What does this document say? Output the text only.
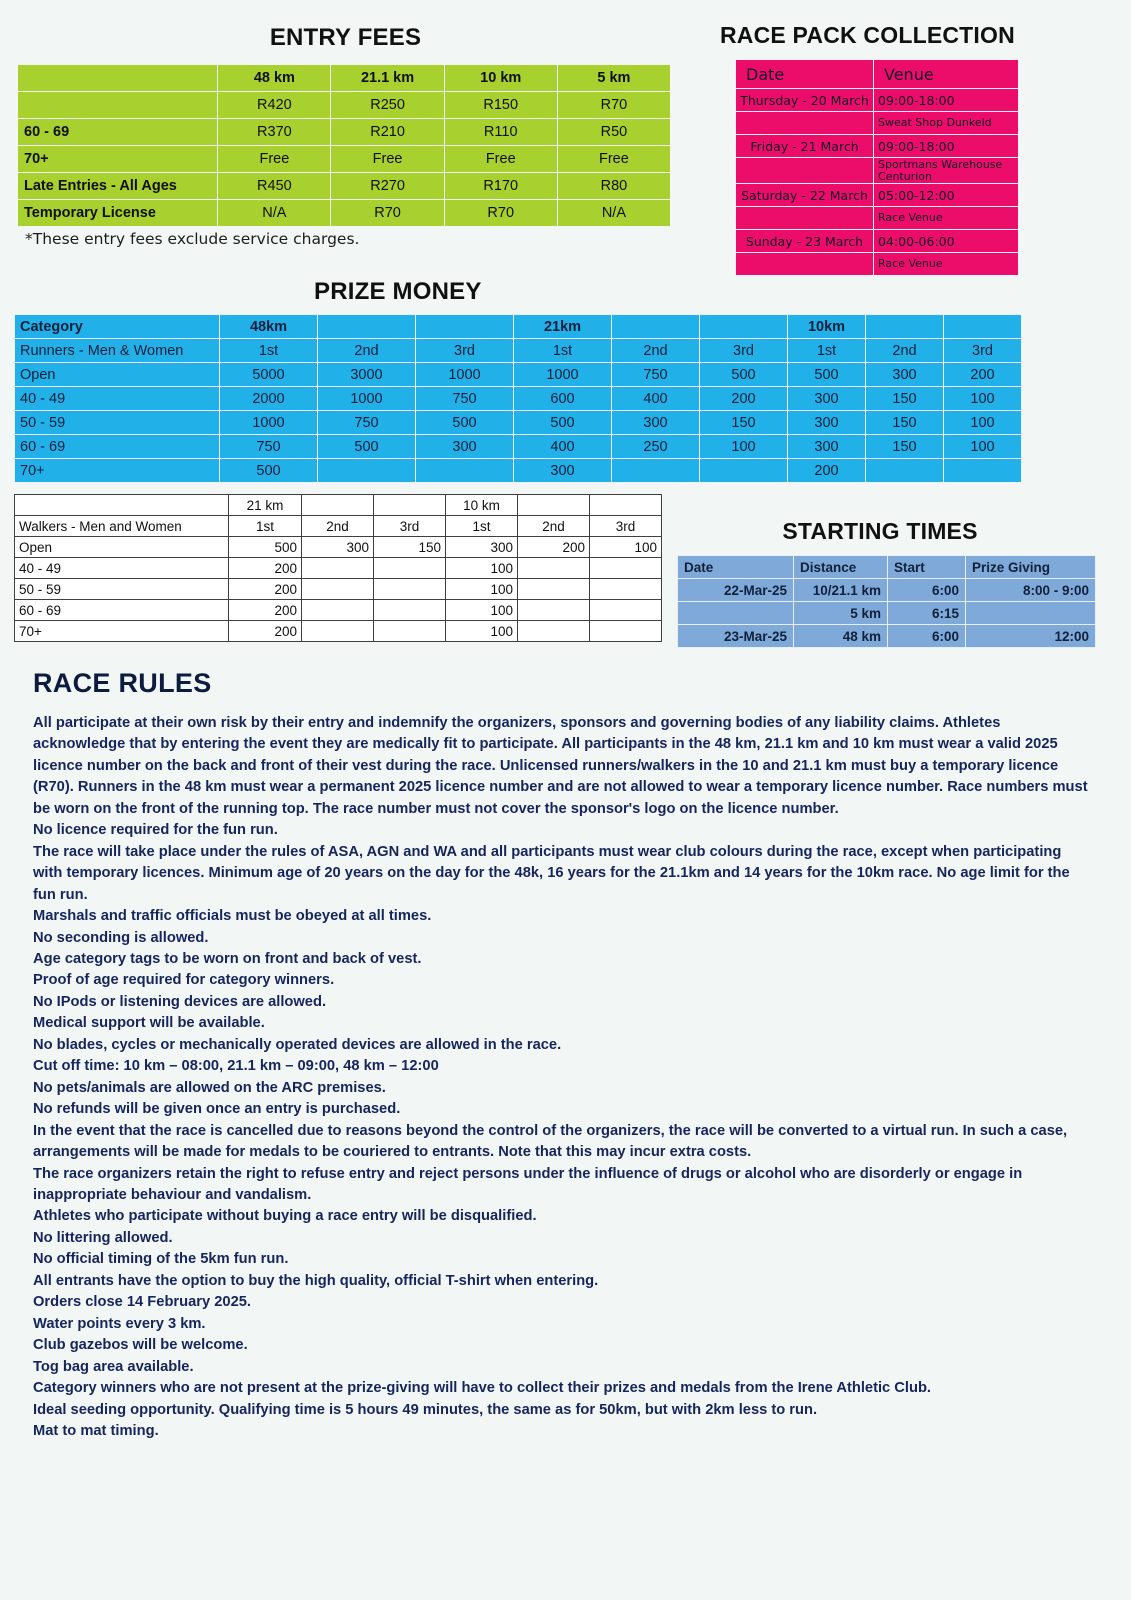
ENTRY FEES
	48 km	21.1 km	10 km	5 km
	R420	R250	R150	R70
60 - 69	R370	R210	R110	R50
70+	Free	Free	Free	Free
Late Entries - All Ages	R450	R270	R170	R80
Temporary License	N/A	R70	R70	N/A
*These entry fees exclude service charges.
RACE PACK COLLECTION
Date	Venue
Thursday - 20 March	09:00-18:00
	Sweat Shop Dunkeld
Friday - 21 March	09:00-18:00
	Sportmans Warehouse Centurion
Saturday - 22 March	05:00-12:00
	Race Venue
Sunday - 23 March	04:00-06:00
	Race Venue
PRIZE MONEY
Category	48km			21km			10km		
Runners - Men & Women	1st	2nd	3rd	1st	2nd	3rd	1st	2nd	3rd
Open	5000	3000	1000	1000	750	500	500	300	200
40 - 49	2000	1000	750	600	400	200	300	150	100
50 - 59	1000	750	500	500	300	150	300	150	100
60 - 69	750	500	300	400	250	100	300	150	100
70+	500			300			200		
	21 km			10 km		
Walkers - Men and Women	1st	2nd	3rd	1st	2nd	3rd
Open	500	300	150	300	200	100
40 - 49	200			100		
50 - 59	200			100		
60 - 69	200			100		
70+	200			100		
STARTING TIMES
Date	Distance	Start	Prize Giving
22-Mar-25	10/21.1 km	6:00	8:00 - 9:00
	5 km	6:15	
23-Mar-25	48 km	6:00	12:00
RACE RULES

All participate at their own risk by their entry and indemnify the organizers, sponsors and governing bodies of any liability claims. Athletes acknowledge that by entering the event they are medically fit to participate. All participants in the 48 km, 21.1 km and 10 km must wear a valid 2025 licence number on the back and front of their vest during the race. Unlicensed runners/walkers in the 10 and 21.1 km must buy a temporary licence (R70). Runners in the 48 km must wear a permanent 2025 licence number and are not allowed to wear a temporary licence number. Race numbers must be worn on the front of the running top. The race number must not cover the sponsor's logo on the licence number.

No licence required for the fun run.

The race will take place under the rules of ASA, AGN and WA and all participants must wear club colours during the race, except when participating with temporary licences. Minimum age of 20 years on the day for the 48k, 16 years for the 21.1km and 14 years for the 10km race. No age limit for the fun run.

Marshals and traffic officials must be obeyed at all times.

No seconding is allowed.

Age category tags to be worn on front and back of vest.

Proof of age required for category winners.

No IPods or listening devices are allowed.

Medical support will be available.

No blades, cycles or mechanically operated devices are allowed in the race.

Cut off time: 10 km – 08:00, 21.1 km – 09:00, 48 km – 12:00

No pets/animals are allowed on the ARC premises.

No refunds will be given once an entry is purchased.

In the event that the race is cancelled due to reasons beyond the control of the organizers, the race will be converted to a virtual run. In such a case, arrangements will be made for medals to be couriered to entrants. Note that this may incur extra costs.

The race organizers retain the right to refuse entry and reject persons under the influence of drugs or alcohol who are disorderly or engage in inappropriate behaviour and vandalism.

Athletes who participate without buying a race entry will be disqualified.

No littering allowed.

No official timing of the 5km fun run.

All entrants have the option to buy the high quality, official T-shirt when entering.

Orders close 14 February 2025.

Water points every 3 km.

Club gazebos will be welcome.

Tog bag area available.

Category winners who are not present at the prize-giving will have to collect their prizes and medals from the Irene Athletic Club.

Ideal seeding opportunity. Qualifying time is 5 hours 49 minutes, the same as for 50km, but with 2km less to run.

Mat to mat timing.
